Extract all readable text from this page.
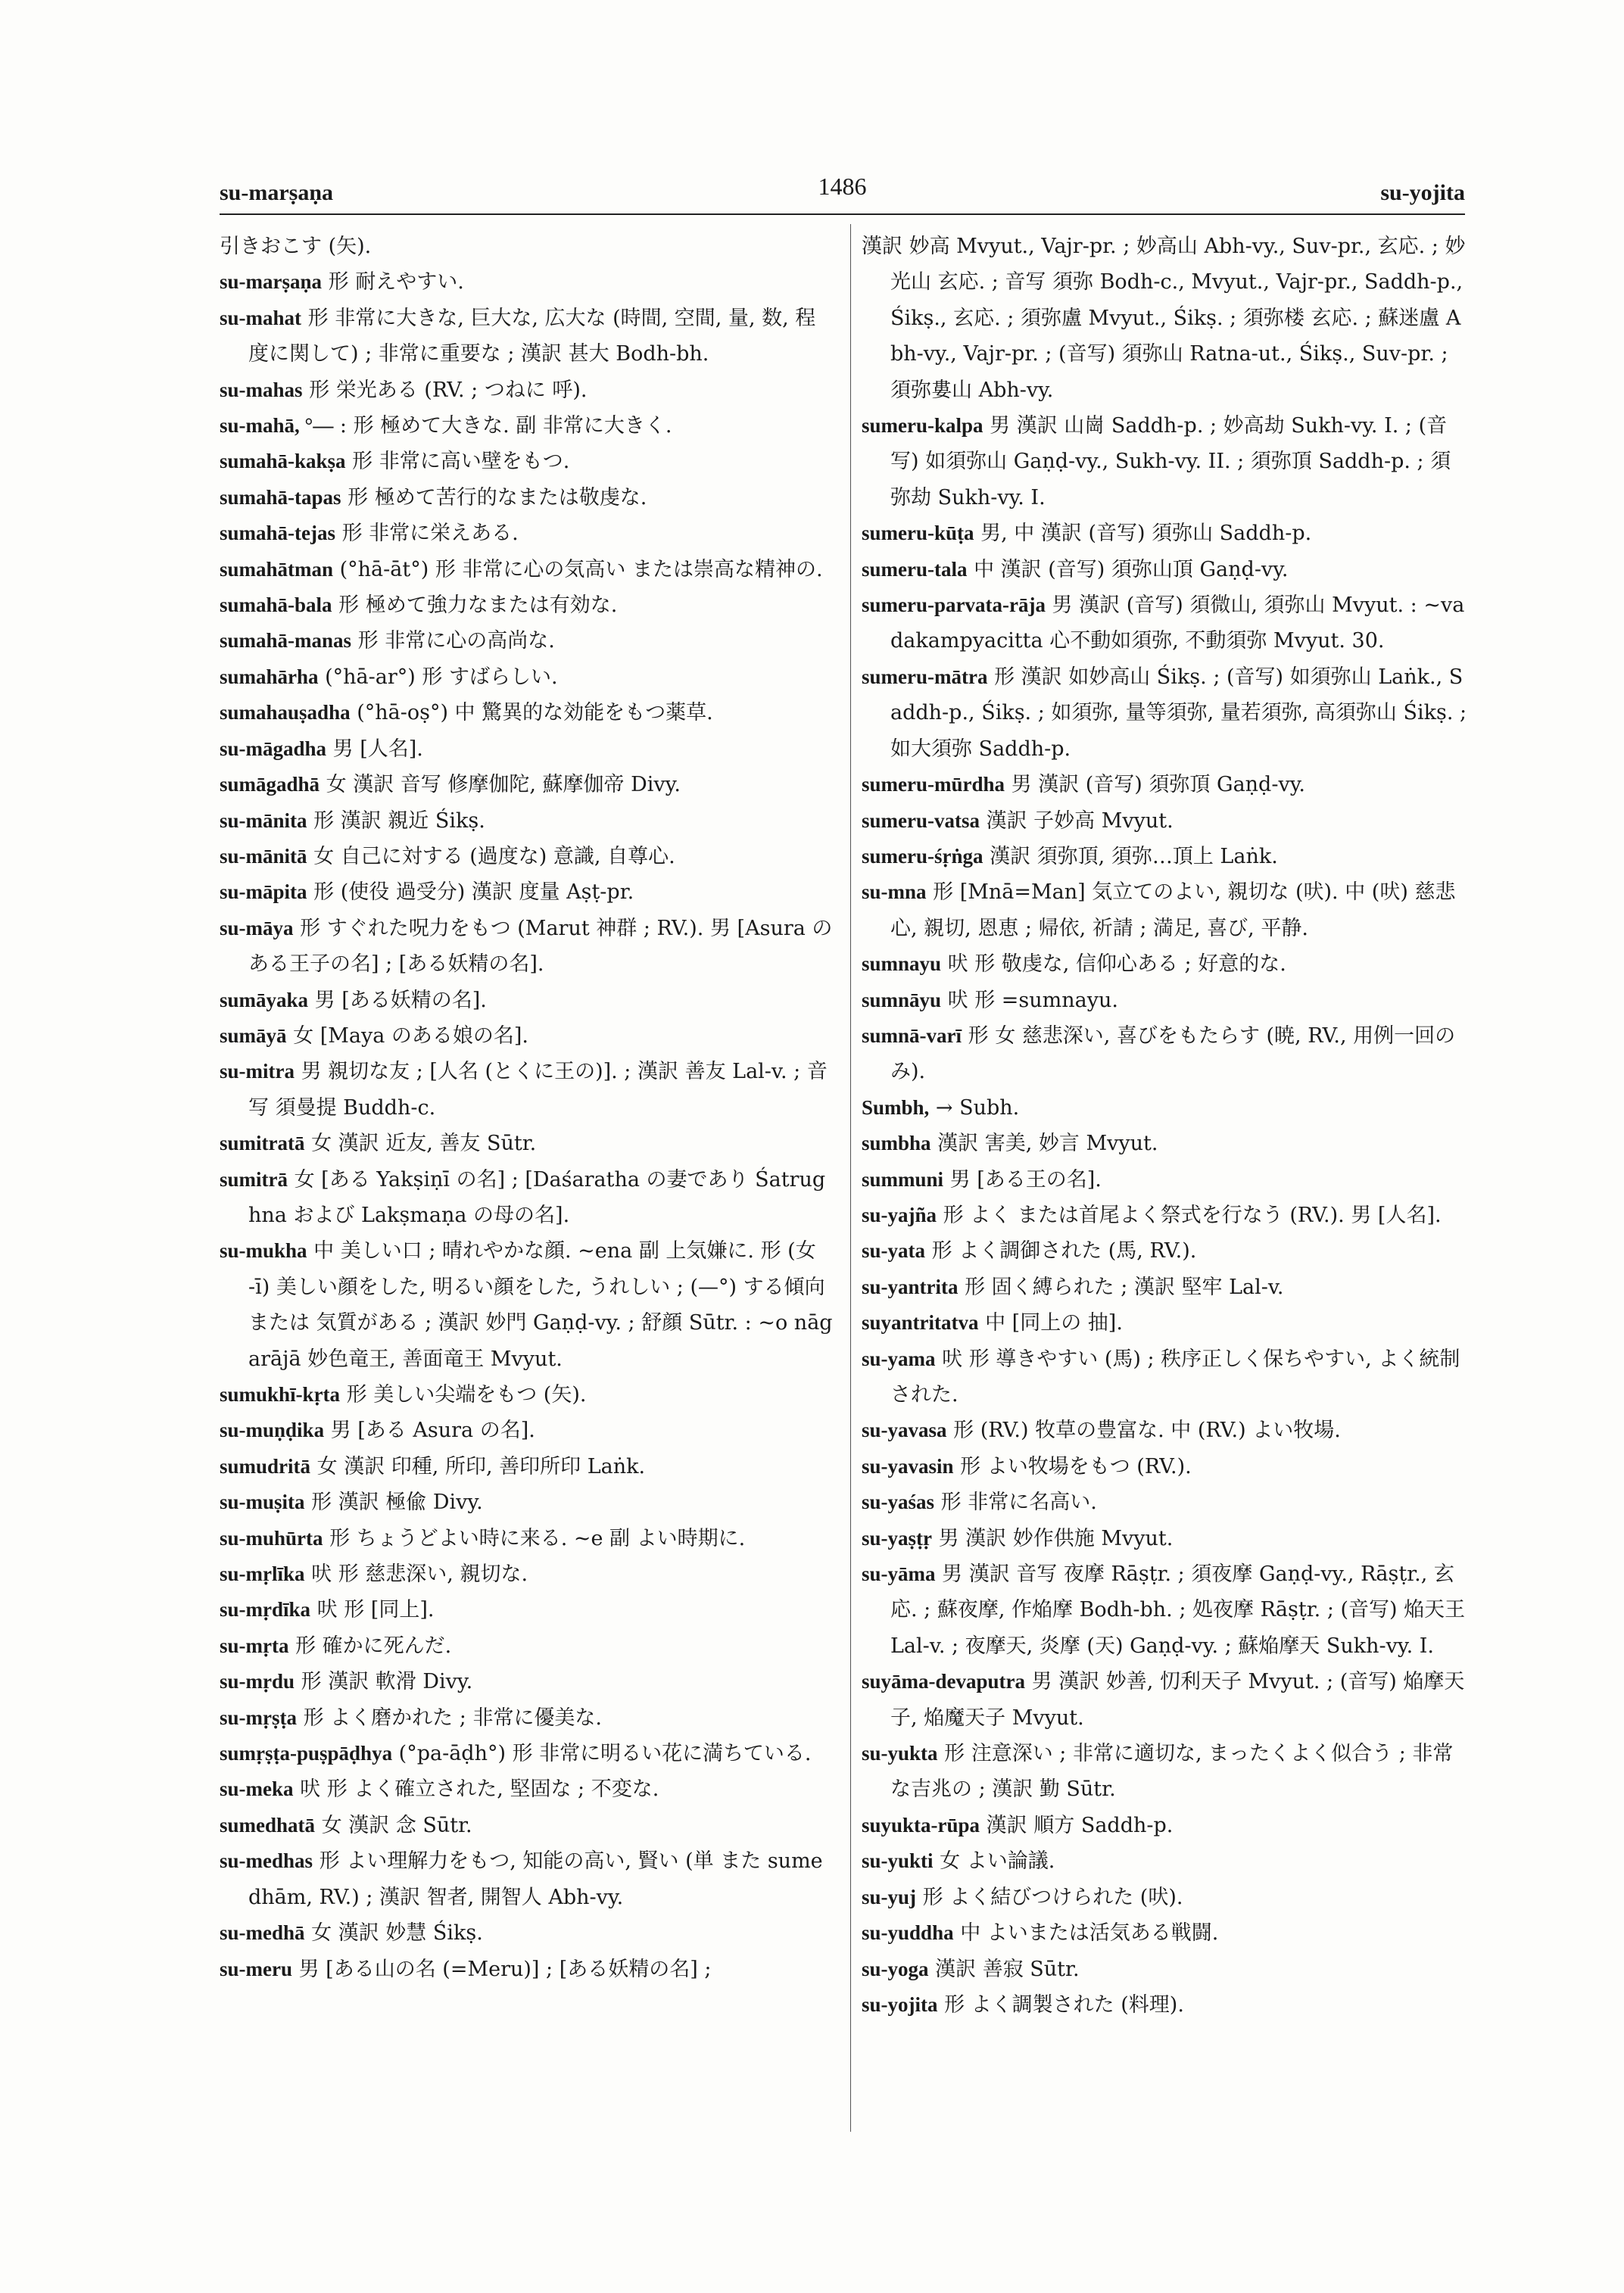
su-marṣaṇa	1486	su-yojita
引きおこす (矢).
su-marṣaṇa 形 耐えやすい.
su-mahat 形 非常に大きな, 巨大な, 広大な (時間, 空間, 量, 数, 程度に関して) ; 非常に重要な ; 漢訳 甚大 Bodh-bh.
su-mahas 形 栄光ある (RV. ; つねに 呼).
su-mahā, °— : 形 極めて大きな. 副 非常に大きく.
sumahā-kakṣa 形 非常に高い壁をもつ.
sumahā-tapas 形 極めて苦行的なまたは敬虔な.
sumahā-tejas 形 非常に栄えある.
sumahātman (°hā-āt°) 形 非常に心の気高い または崇高な精神の.
sumahā-bala 形 極めて強力なまたは有効な.
sumahā-manas 形 非常に心の高尚な.
sumahārha (°hā-ar°) 形 すばらしい.
sumahauṣadha (°hā-oṣ°) 中 驚異的な効能をもつ薬草.
su-māgadha 男 [人名].
sumāgadhā 女 漢訳 音写 修摩伽陀, 蘇摩伽帝 Divy.
su-mānita 形 漢訳 親近 Śikṣ.
su-mānitā 女 自己に対する (過度な) 意識, 自尊心.
su-māpita 形 (使役 過受分) 漢訳 度量 Aṣṭ-pr.
su-māya 形 すぐれた呪力をもつ (Marut 神群 ; RV.). 男 [Asura のある王子の名] ; [ある妖精の名].
sumāyaka 男 [ある妖精の名].
sumāyā 女 [Maya のある娘の名].
su-mitra 男 親切な友 ; [人名 (とくに王の)]. ; 漢訳 善友 Lal-v. ; 音写 須曼提 Buddh-c.
sumitratā 女 漢訳 近友, 善友 Sūtr.
sumitrā 女 [ある Yakṣiṇī の名] ; [Daśaratha の妻であり Śatrughna および Lakṣmaṇa の母の名].
su-mukha 中 美しい口 ; 晴れやかな顔. ~ena 副 上気嫌に. 形 (女 -ī) 美しい顔をした, 明るい顔をした, うれしい ; (—°) する傾向 または 気質がある ; 漢訳 妙門 Gaṇḍ-vy. ; 舒顔 Sūtr. : ~o nāgarājā 妙色竜王, 善面竜王 Mvyut.
sumukhī-kṛta 形 美しい尖端をもつ (矢).
su-muṇḍika 男 [ある Asura の名].
sumudritā 女 漢訳 印種, 所印, 善印所印 Laṅk.
su-muṣita 形 漢訳 極偸 Divy.
su-muhūrta 形 ちょうどよい時に来る. ~e 副 よい時期に.
su-mṛlīka 吠 形 慈悲深い, 親切な.
su-mṛdīka 吠 形 [同上].
su-mṛta 形 確かに死んだ.
su-mṛdu 形 漢訳 軟滑 Divy.
su-mṛṣṭa 形 よく磨かれた ; 非常に優美な.
sumṛṣṭa-puṣpāḍhya (°pa-āḍh°) 形 非常に明るい花に満ちている.
su-meka 吠 形 よく確立された, 堅固な ; 不変な.
sumedhatā 女 漢訳 念 Sūtr.
su-medhas 形 よい理解力をもつ, 知能の高い, 賢い (単 また sumedhām, RV.) ; 漢訳 智者, 開智人 Abh-vy.
su-medhā 女 漢訳 妙慧 Śikṣ.
su-meru 男 [ある山の名 (=Meru)] ; [ある妖精の名] ;
漢訳 妙高 Mvyut., Vajr-pr. ; 妙高山 Abh-vy., Suv-pr., 玄応. ; 妙光山 玄応. ; 音写 須弥 Bodh-c., Mvyut., Vajr-pr., Saddh-p., Śikṣ., 玄応. ; 須弥盧 Mvyut., Śikṣ. ; 須弥楼 玄応. ; 蘇迷盧 Abh-vy., Vajr-pr. ; (音写) 須弥山 Ratna-ut., Śikṣ., Suv-pr. ; 須弥婁山 Abh-vy.
sumeru-kalpa 男 漢訳 山崗 Saddh-p. ; 妙高劫 Sukh-vy. I. ; (音写) 如須弥山 Gaṇḍ-vy., Sukh-vy. II. ; 須弥頂 Saddh-p. ; 須弥劫 Sukh-vy. I.
sumeru-kūṭa 男, 中 漢訳 (音写) 須弥山 Saddh-p.
sumeru-tala 中 漢訳 (音写) 須弥山頂 Gaṇḍ-vy.
sumeru-parvata-rāja 男 漢訳 (音写) 須微山, 須弥山 Mvyut. : ~vadakampyacitta 心不動如須弥, 不動須弥 Mvyut. 30.
sumeru-mātra 形 漢訳 如妙高山 Śikṣ. ; (音写) 如須弥山 Laṅk., Saddh-p., Śikṣ. ; 如須弥, 量等須弥, 量若須弥, 高須弥山 Śikṣ. ; 如大須弥 Saddh-p.
sumeru-mūrdha 男 漢訳 (音写) 須弥頂 Gaṇḍ-vy.
sumeru-vatsa 漢訳 子妙高 Mvyut.
sumeru-śṛṅga 漢訳 須弥頂, 須弥…頂上 Laṅk.
su-mna 形 [Mnā=Man] 気立てのよい, 親切な (吠). 中 (吠) 慈悲心, 親切, 恩恵 ; 帰依, 祈請 ; 満足, 喜び, 平静.
sumnayu 吠 形 敬虔な, 信仰心ある ; 好意的な.
sumnāyu 吠 形 =sumnayu.
sumnā-varī 形 女 慈悲深い, 喜びをもたらす (暁, RV., 用例一回のみ).
Sumbh, → Subh.
sumbha 漢訳 害美, 妙言 Mvyut.
summuni 男 [ある王の名].
su-yajña 形 よく または首尾よく祭式を行なう (RV.). 男 [人名].
su-yata 形 よく調御された (馬, RV.).
su-yantrita 形 固く縛られた ; 漢訳 堅牢 Lal-v.
suyantritatva 中 [同上の 抽].
su-yama 吠 形 導きやすい (馬) ; 秩序正しく保ちやすい, よく統制された.
su-yavasa 形 (RV.) 牧草の豊富な. 中 (RV.) よい牧場.
su-yavasin 形 よい牧場をもつ (RV.).
su-yaśas 形 非常に名高い.
su-yaṣṭṛ 男 漢訳 妙作供施 Mvyut.
su-yāma 男 漢訳 音写 夜摩 Rāṣṭr. ; 須夜摩 Gaṇḍ-vy., Rāṣṭr., 玄応. ; 蘇夜摩, 作焔摩 Bodh-bh. ; 処夜摩 Rāṣṭr. ; (音写) 焔天王 Lal-v. ; 夜摩天, 炎摩 (天) Gaṇḍ-vy. ; 蘇焔摩天 Sukh-vy. I.
suyāma-devaputra 男 漢訳 妙善, 忉利天子 Mvyut. ; (音写) 焔摩天子, 焔魔天子 Mvyut.
su-yukta 形 注意深い ; 非常に適切な, まったくよく似合う ; 非常な吉兆の ; 漢訳 勤 Sūtr.
suyukta-rūpa 漢訳 順方 Saddh-p.
su-yukti 女 よい論議.
su-yuj 形 よく結びつけられた (吠).
su-yuddha 中 よいまたは活気ある戦闘.
su-yoga 漢訳 善寂 Sūtr.
su-yojita 形 よく調製された (料理).
